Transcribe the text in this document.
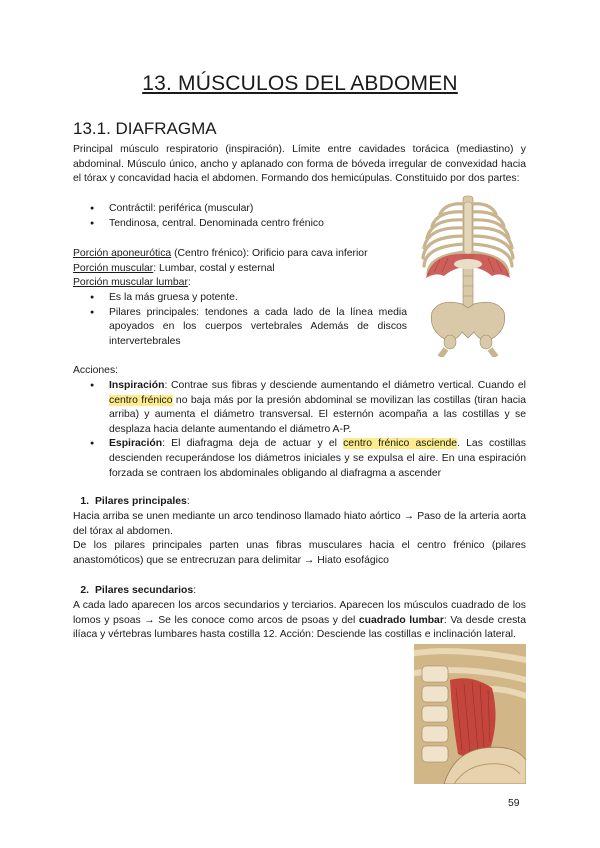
13. MÚSCULOS DEL ABDOMEN
13.1. DIAFRAGMA
Principal músculo respiratorio (inspiración). Límite entre cavidades torácica (mediastino) y abdominal. Músculo único, ancho y aplanado con forma de bóveda irregular de convexidad hacia el tórax y concavidad hacia el abdomen. Formando dos hemicúpulas. Constituido por dos partes:
● Contráctil: periférica (muscular)
● Tendinosa, central. Denominada centro frénico
Porción aponeurótica (Centro frénico): Orificio para cava inferior
Porción muscular: Lumbar, costal y esternal
Porción muscular lumbar:
● Es la más gruesa y potente.
● Pilares principales: tendones a cada lado de la línea media apoyados en los cuerpos vertebrales Además de discos intervertebrales
Acciones:
● Inspiración: Contrae sus fibras y desciende aumentando el diámetro vertical. Cuando el centro frénico no baja más por la presión abdominal se movilizan las costillas (tiran hacia arriba) y aumenta el diámetro transversal. El esternón acompaña a las costillas y se desplaza hacia delante aumentando el diámetro A-P.
● Espiración: El diafragma deja de actuar y el centro frénico asciende. Las costillas descienden recuperándose los diámetros iniciales y se expulsa el aire. En una espiración forzada se contraen los abdominales obligando al diafragma a ascender
1. Pilares principales:
Hacia arriba se unen mediante un arco tendinoso llamado hiato aórtico → Paso de la arteria aorta del tórax al abdomen.
De los pilares principales parten unas fibras musculares hacia el centro frénico (pilares anastomóticos) que se entrecruzan para delimitar → Hiato esofágico
2. Pilares secundarios:
A cada lado aparecen los arcos secundarios y terciarios. Aparecen los músculos cuadrado de los lomos y psoas → Se les conoce como arcos de psoas y del cuadrado lumbar: Va desde cresta ilíaca y vértebras lumbares hasta costilla 12. Acción: Desciende las costillas e inclinación lateral.
59
